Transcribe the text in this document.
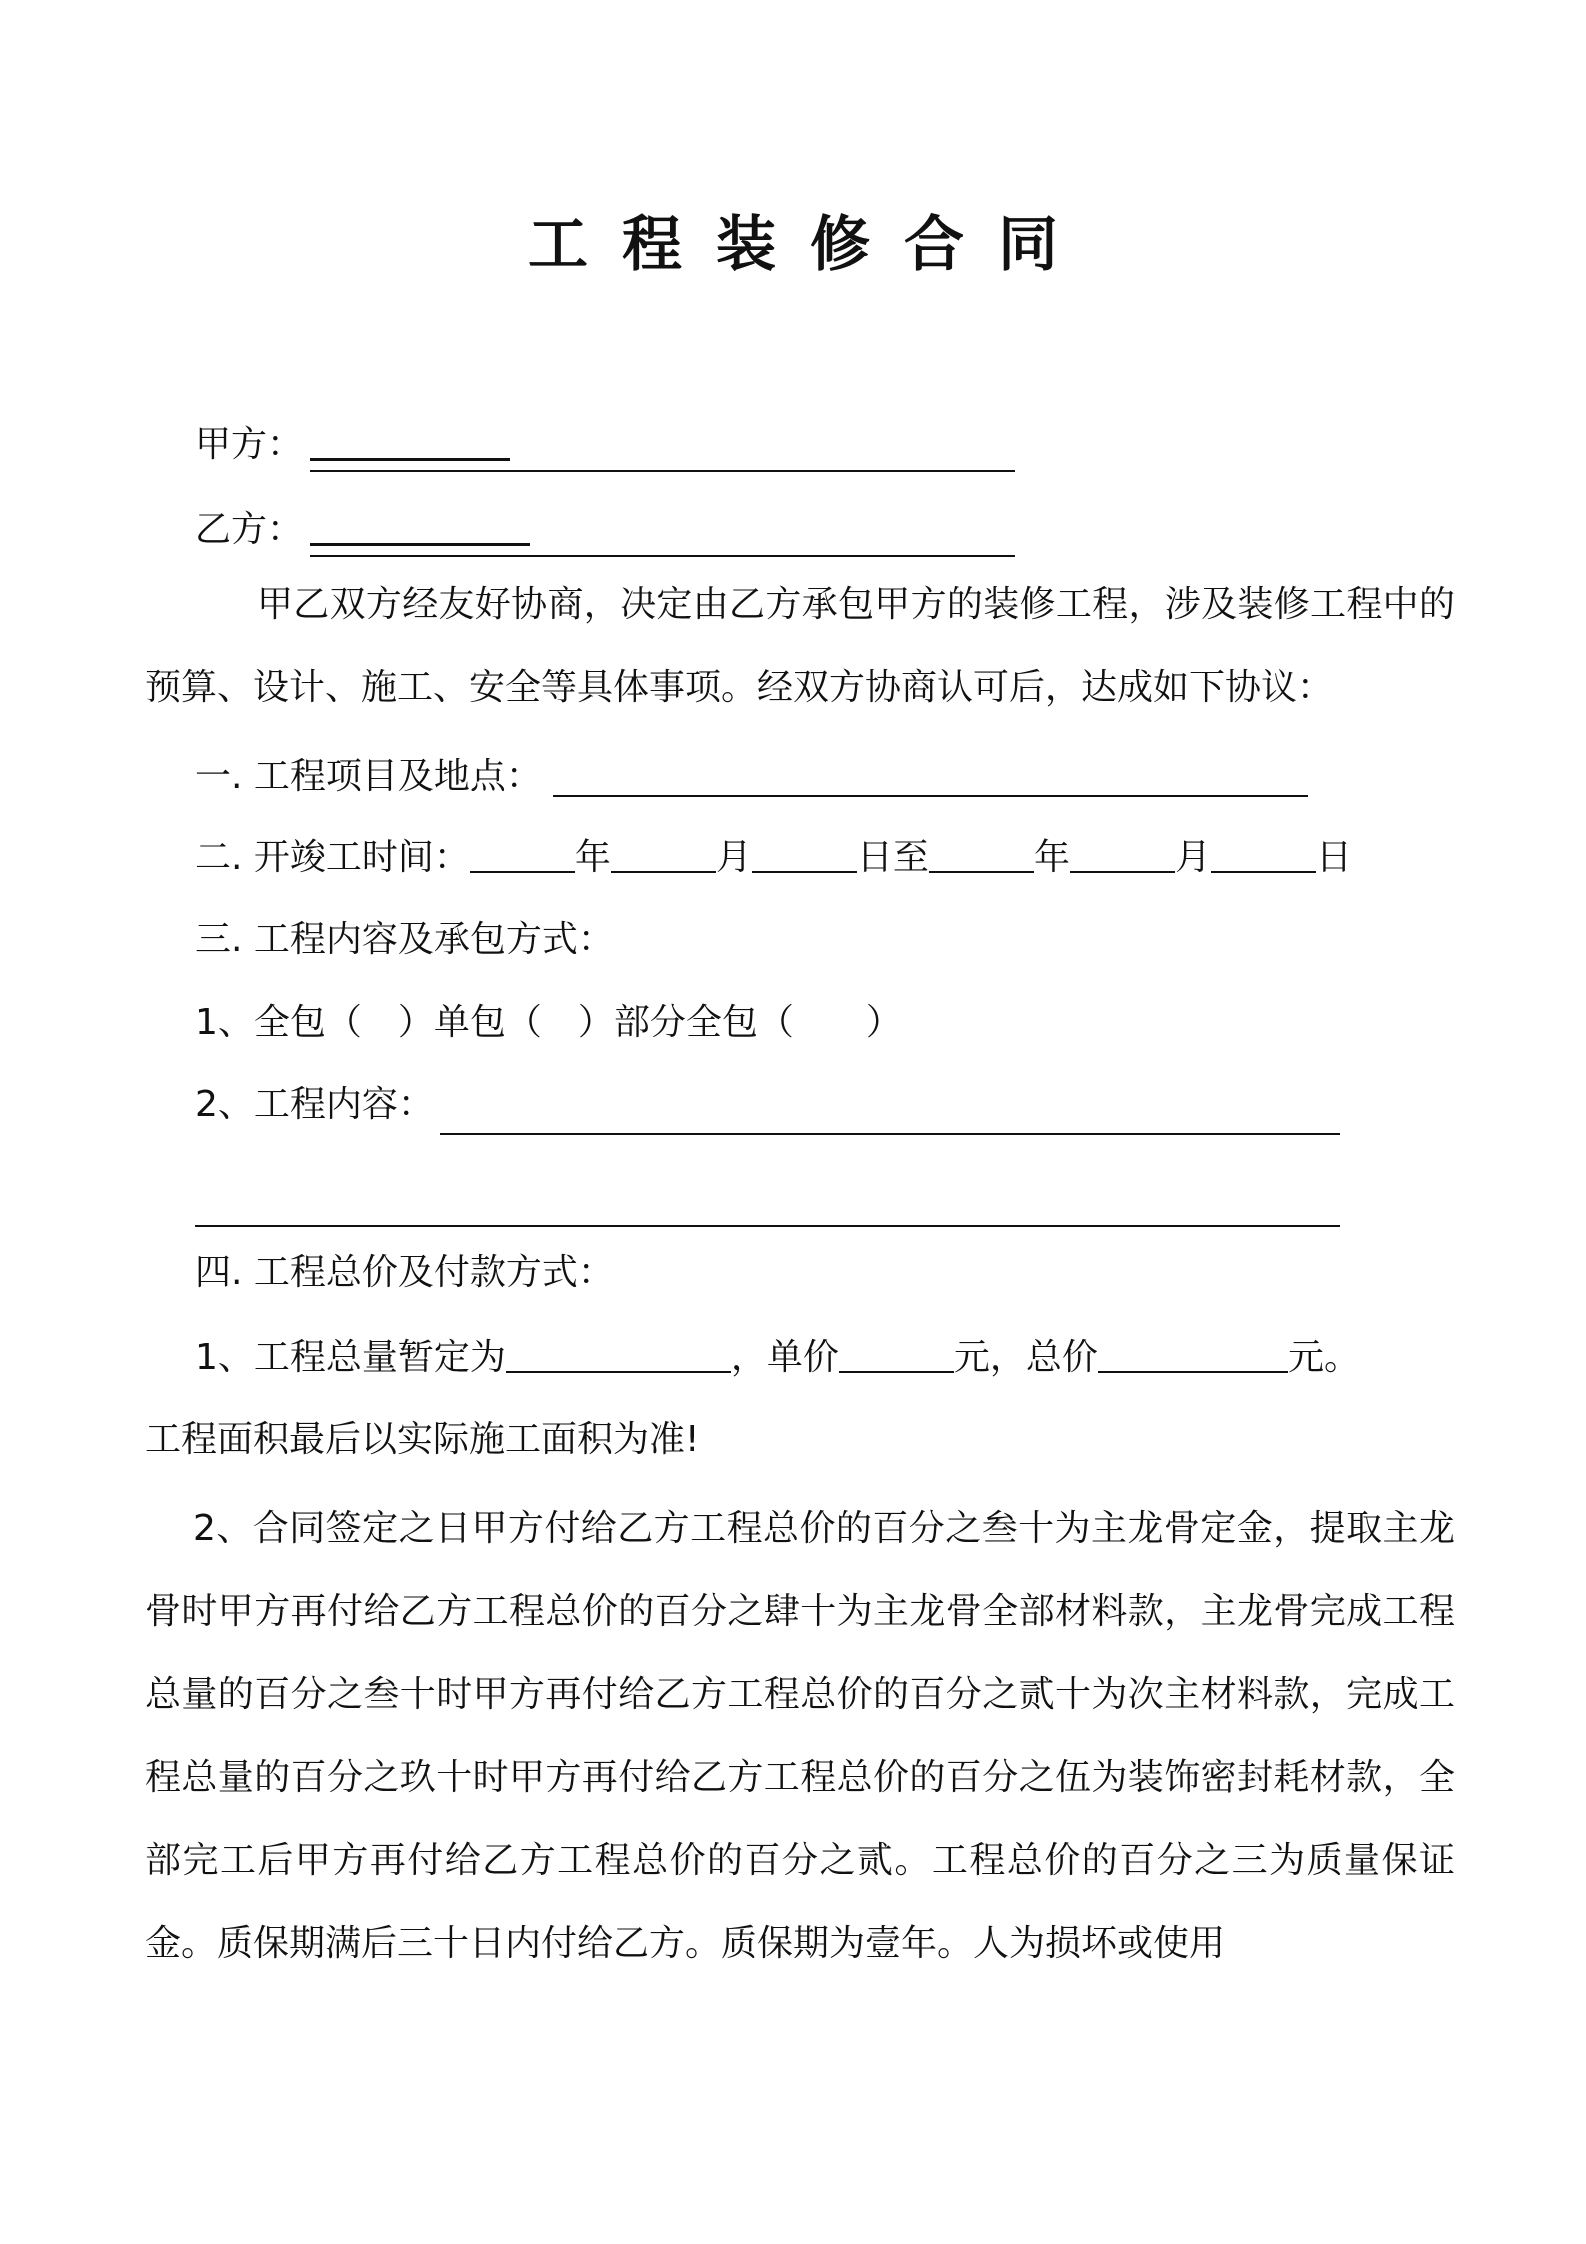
工程装修合同
甲方：
乙方：
甲乙双方经友好协商，决定由乙方承包甲方的装修工程，涉及装修工程中的预算、设计、施工、安全等具体事项。经双方协商认可后，达成如下协议：
一. 工程项目及地点：
二. 开竣工时间：	年	月	日至	年	月	日
三. 工程内容及承包方式：
1、全包（　）单包（　）部分全包（　　）
2、工程内容：
四. 工程总价及付款方式：
1、工程总量暂定为	，单价	元，总价	元。
工程面积最后以实际施工面积为准!
2、合同签定之日甲方付给乙方工程总价的百分之叁十为主龙骨定金，提取主龙骨时甲方再付给乙方工程总价的百分之肆十为主龙骨全部材料款，主龙骨完成工程总量的百分之叁十时甲方再付给乙方工程总价的百分之贰十为次主材料款，完成工程总量的百分之玖十时甲方再付给乙方工程总价的百分之伍为装饰密封耗材款，全部完工后甲方再付给乙方工程总价的百分之贰。工程总价的百分之三为质量保证金。质保期满后三十日内付给乙方。质保期为壹年。人为损坏或使用
